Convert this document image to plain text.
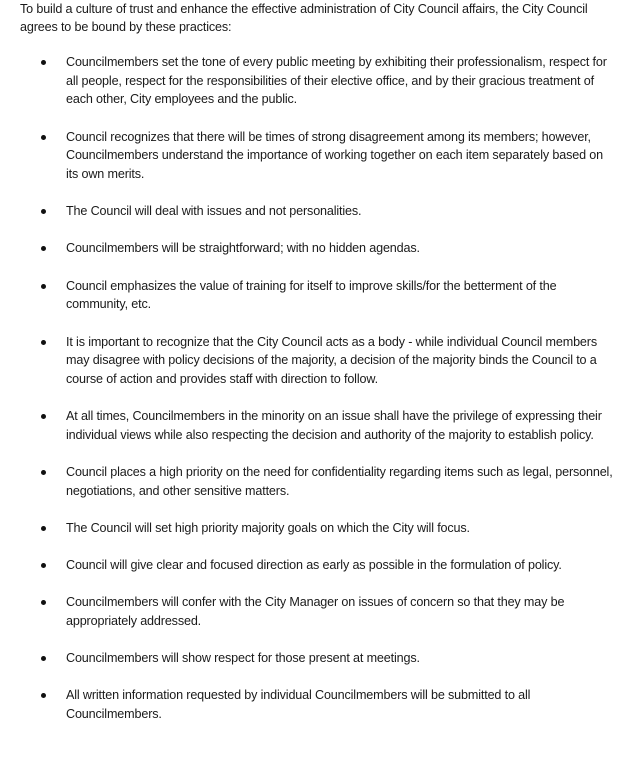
To build a culture of trust and enhance the effective administration of City Council affairs, the City Council agrees to be bound by these practices:

Councilmembers set the tone of every public meeting by exhibiting their professionalism, respect for all people, respect for the responsibilities of their elective office, and by their gracious treatment of each other, City employees and the public.
Council recognizes that there will be times of strong disagreement among its members; however, Councilmembers understand the importance of working together on each item separately based on its own merits.
The Council will deal with issues and not personalities.
Councilmembers will be straightforward; with no hidden agendas.
Council emphasizes the value of training for itself to improve skills/for the betterment of the community, etc.
It is important to recognize that the City Council acts as a body - while individual Council members may disagree with policy decisions of the majority, a decision of the majority binds the Council to a course of action and provides staff with direction to follow.
At all times, Councilmembers in the minority on an issue shall have the privilege of expressing their individual views while also respecting the decision and authority of the majority to establish policy.
Council places a high priority on the need for confidentiality regarding items such as legal, personnel, negotiations, and other sensitive matters.
The Council will set high priority majority goals on which the City will focus.
Council will give clear and focused direction as early as possible in the formulation of policy.
Councilmembers will confer with the City Manager on issues of concern so that they may be appropriately addressed.
Councilmembers will show respect for those present at meetings.
All written information requested by individual Councilmembers will be submitted to all Councilmembers.
